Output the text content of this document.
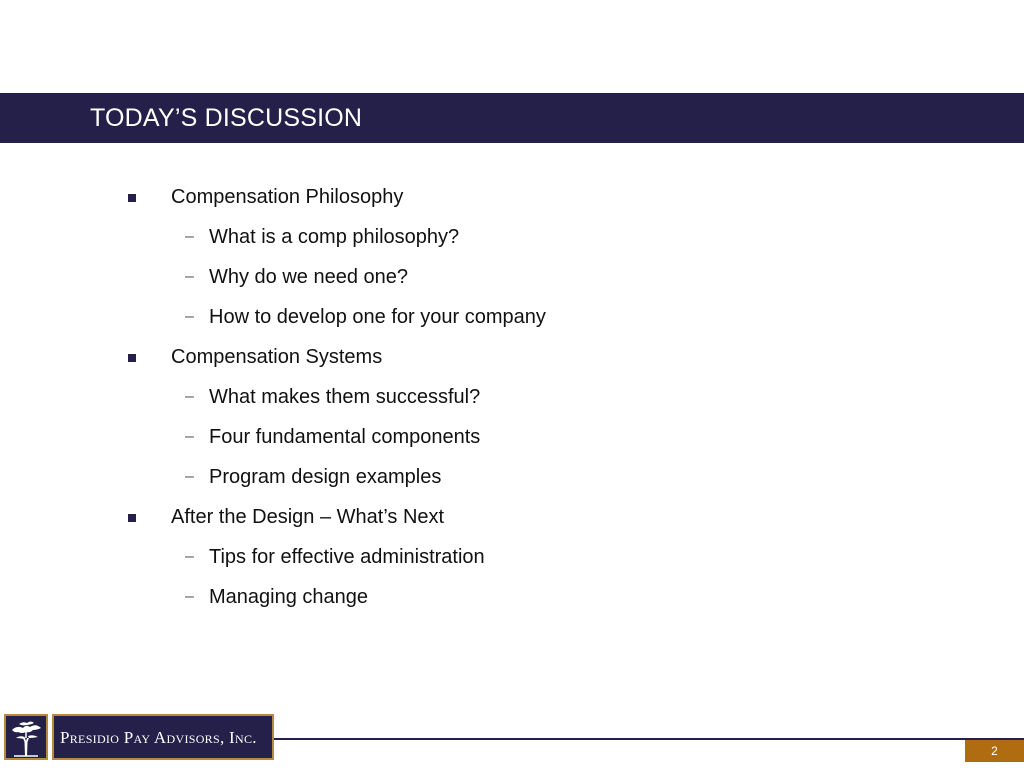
TODAY’S DISCUSSION
Compensation Philosophy
– What is a comp philosophy?
– Why do we need one?
– How to develop one for your company
Compensation Systems
– What makes them successful?
– Four fundamental components
– Program design examples
After the Design – What’s Next
– Tips for effective administration
– Managing change
Presidio Pay Advisors, Inc.
2
